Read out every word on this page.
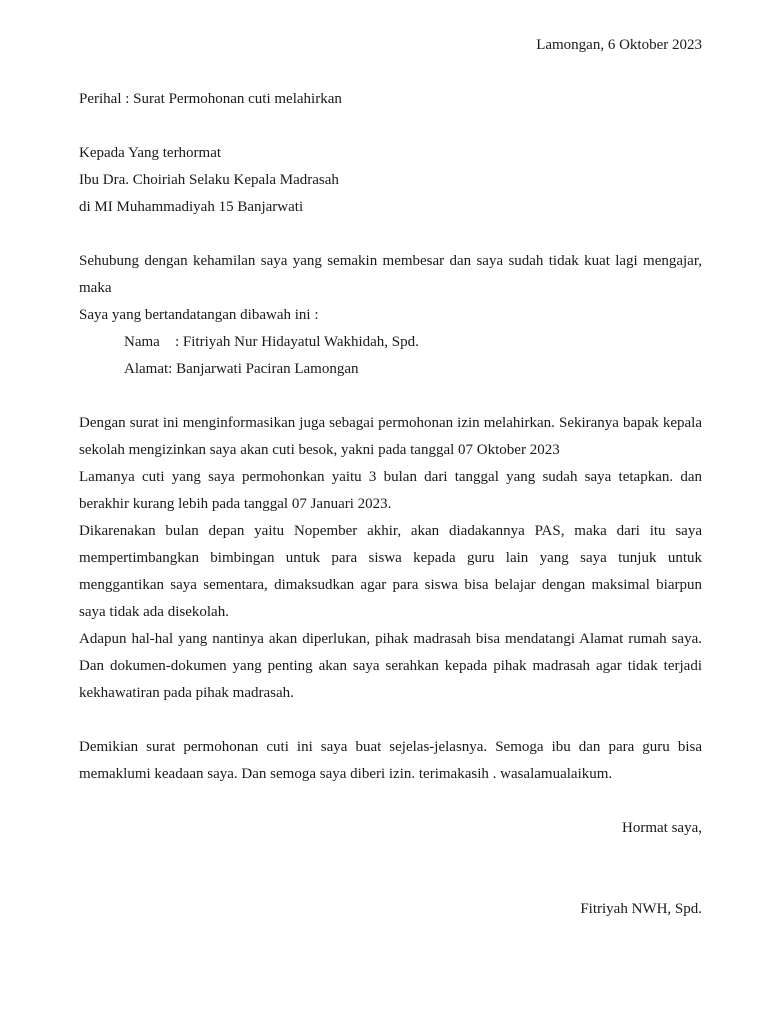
Lamongan, 6 Oktober 2023
Perihal : Surat Permohonan cuti melahirkan
Kepada Yang terhormat
Ibu Dra. Choiriah Selaku Kepala Madrasah
di MI Muhammadiyah 15 Banjarwati
Sehubung dengan kehamilan saya yang semakin membesar dan saya sudah tidak kuat lagi mengajar,
maka
Saya yang bertandatangan dibawah ini :
Nama : Fitriyah Nur Hidayatul Wakhidah, Spd.
Alamat: Banjarwati Paciran Lamongan
Dengan surat ini menginformasikan juga sebagai permohonan izin melahirkan. Sekiranya bapak kepala sekolah mengizinkan saya akan cuti besok, yakni pada tanggal 07 Oktober 2023
Lamanya cuti yang saya permohonkan yaitu 3 bulan dari tanggal yang sudah saya tetapkan. dan berakhir kurang lebih pada tanggal 07 Januari 2023.
Dikarenakan bulan depan yaitu Nopember akhir, akan diadakannya PAS, maka dari itu saya mempertimbangkan bimbingan untuk para siswa kepada guru lain yang saya tunjuk untuk menggantikan saya sementara, dimaksudkan agar para siswa bisa belajar dengan maksimal biarpun saya tidak ada disekolah.
Adapun hal-hal yang nantinya akan diperlukan, pihak madrasah bisa mendatangi Alamat rumah saya. Dan dokumen-dokumen yang penting akan saya serahkan kepada pihak madrasah agar tidak terjadi kekhawatiran pada pihak madrasah.
Demikian surat permohonan cuti ini saya buat sejelas-jelasnya. Semoga ibu dan para guru bisa memaklumi keadaan saya. Dan semoga saya diberi izin. terimakasih . wasalamualaikum.
Hormat saya,
Fitriyah NWH, Spd.
